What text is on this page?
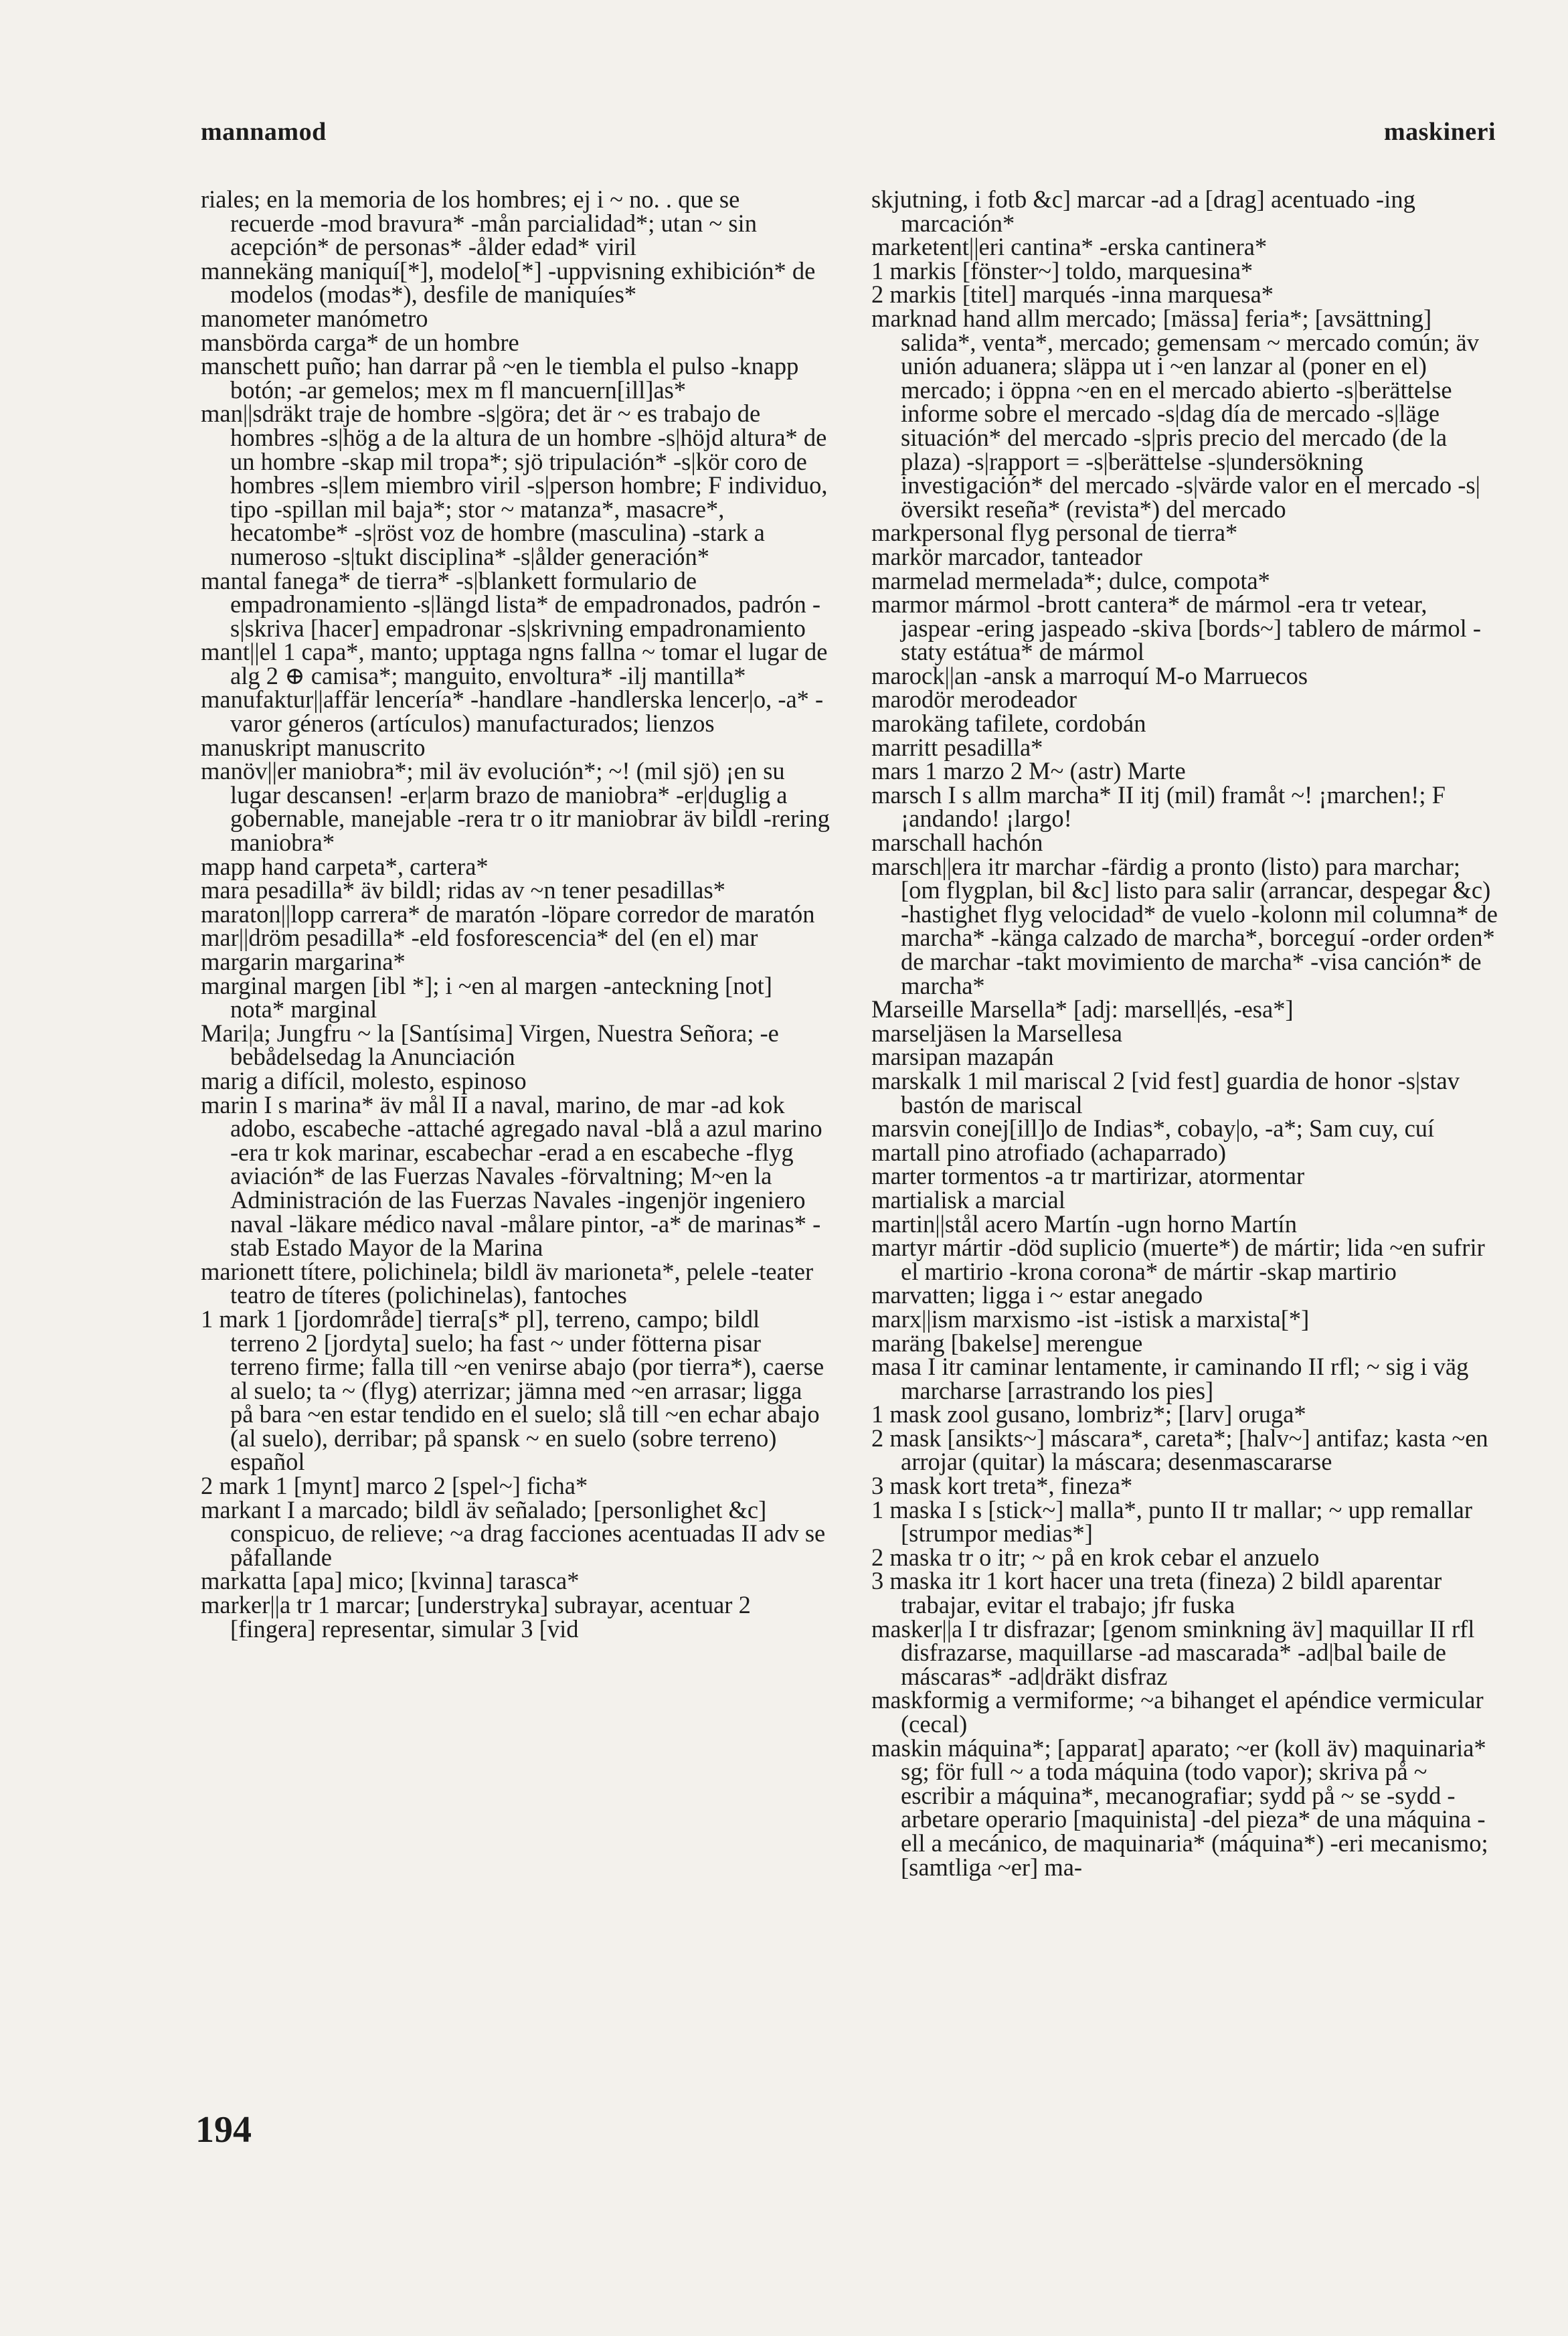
mannamod	maskineri

riales; en la memoria de los hombres; ej i ~ no. . que se recuerde -mod bravura* -mån parcialidad*; utan ~ sin acepción* de personas* -ålder edad* viril

mannekäng maniquí[*], modelo[*] -uppvisning exhibición* de modelos (modas*), desfile de maniquíes*

manometer manómetro

mansbörda carga* de un hombre

manschett puño; han darrar på ~en le tiembla el pulso -knapp botón; -ar gemelos; mex m fl mancuern[ill]as*

man||sdräkt traje de hombre -s|göra; det är ~ es trabajo de hombres -s|hög a de la altura de un hombre -s|höjd altura* de un hombre -skap mil tropa*; sjö tripulación* -s|kör coro de hombres -s|lem miembro viril -s|person hombre; F individuo, tipo -spillan mil baja*; stor ~ matanza*, masacre*, hecatombe* -s|röst voz de hombre (masculina) -stark a numeroso -s|tukt disciplina* -s|ålder generación*

mantal fanega* de tierra* -s|blankett formulario de empadronamiento -s|längd lista* de empadronados, padrón -s|skriva [hacer] empadronar -s|skrivning empadronamiento

mant||el 1 capa*, manto; upptaga ngns fallna ~ tomar el lugar de alg 2 ⊕ camisa*; manguito, envoltura* -ilj mantilla*

manufaktur||affär lencería* -handlare -handlerska lencer|o, -a* -varor géneros (artículos) manufacturados; lienzos

manuskript manuscrito

manöv||er maniobra*; mil äv evolución*; ~! (mil sjö) ¡en su lugar descansen! -er|arm brazo de maniobra* -er|duglig a gobernable, manejable -rera tr o itr maniobrar äv bildl -rering maniobra*

mapp hand carpeta*, cartera*

mara pesadilla* äv bildl; ridas av ~n tener pesadillas*

maraton||lopp carrera* de maratón -löpare corredor de maratón

mar||dröm pesadilla* -eld fosforescencia* del (en el) mar

margarin margarina*

marginal margen [ibl *]; i ~en al margen -anteckning [not] nota* marginal

Mari|a; Jungfru ~ la [Santísima] Virgen, Nuestra Señora; -e bebådelsedag la Anunciación

marig a difícil, molesto, espinoso

marin I s marina* äv mål II a naval, marino, de mar -ad kok adobo, escabeche -attaché agregado naval -blå a azul marino -era tr kok marinar, escabechar -erad a en escabeche -flyg aviación* de las Fuerzas Navales -förvaltning; M~en la Administración de las Fuerzas Navales -ingenjör ingeniero naval -läkare médico naval -målare pintor, -a* de marinas* -stab Estado Mayor de la Marina

marionett títere, polichinela; bildl äv marioneta*, pelele -teater teatro de títeres (polichinelas), fantoches

1 mark 1 [jordområde] tierra[s* pl], terreno, campo; bildl terreno 2 [jordyta] suelo; ha fast ~ under fötterna pisar terreno firme; falla till ~en venirse abajo (por tierra*), caerse al suelo; ta ~ (flyg) aterrizar; jämna med ~en arrasar; ligga på bara ~en estar tendido en el suelo; slå till ~en echar abajo (al suelo), derribar; på spansk ~ en suelo (sobre terreno) español

2 mark 1 [mynt] marco 2 [spel~] ficha*

markant I a marcado; bildl äv señalado; [personlighet &c] conspicuo, de relieve; ~a drag facciones acentuadas II adv se påfallande

markatta [apa] mico; [kvinna] tarasca*

marker||a tr 1 marcar; [understryka] subrayar, acentuar 2 [fingera] representar, simular 3 [vid

skjutning, i fotb &c] marcar -ad a [drag] acentuado -ing marcación*

marketent||eri cantina* -erska cantinera*

1 markis [fönster~] toldo, marquesina*

2 markis [titel] marqués -inna marquesa*

marknad hand allm mercado; [mässa] feria*; [avsättning] salida*, venta*, mercado; gemensam ~ mercado común; äv unión aduanera; släppa ut i ~en lanzar al (poner en el) mercado; i öppna ~en en el mercado abierto -s|berättelse informe sobre el mercado -s|dag día de mercado -s|läge situación* del mercado -s|pris precio del mercado (de la plaza) -s|rapport = -s|berättelse -s|undersökning investigación* del mercado -s|värde valor en el mercado -s|översikt reseña* (revista*) del mercado

markpersonal flyg personal de tierra*

markör marcador, tanteador

marmelad mermelada*; dulce, compota*

marmor mármol -brott cantera* de mármol -era tr vetear, jaspear -ering jaspeado -skiva [bords~] tablero de mármol -staty estátua* de mármol

marock||an -ansk a marroquí M-o Marruecos

marodör merodeador

marokäng tafilete, cordobán

marritt pesadilla*

mars 1 marzo 2 M~ (astr) Marte

marsch I s allm marcha* II itj (mil) framåt ~! ¡marchen!; F ¡andando! ¡largo!

marschall hachón

marsch||era itr marchar -färdig a pronto (listo) para marchar; [om flygplan, bil &c] listo para salir (arrancar, despegar &c) -hastighet flyg velocidad* de vuelo -kolonn mil columna* de marcha* -känga calzado de marcha*, borceguí -order orden* de marchar -takt movimiento de marcha* -visa canción* de marcha*

Marseille Marsella* [adj: marsell|és, -esa*]

marseljäsen la Marsellesa

marsipan mazapán

marskalk 1 mil mariscal 2 [vid fest] guardia de honor -s|stav bastón de mariscal

marsvin conej[ill]o de Indias*, cobay|o, -a*; Sam cuy, cuí

martall pino atrofiado (achaparrado)

marter tormentos -a tr martirizar, atormentar

martialisk a marcial

martin||stål acero Martín -ugn horno Martín

martyr mártir -död suplicio (muerte*) de mártir; lida ~en sufrir el martirio -krona corona* de mártir -skap martirio

marvatten; ligga i ~ estar anegado

marx||ism marxismo -ist -istisk a marxista[*]

maräng [bakelse] merengue

masa I itr caminar lentamente, ir caminando II rfl; ~ sig i väg marcharse [arrastrando los pies]

1 mask zool gusano, lombriz*; [larv] oruga*

2 mask [ansikts~] máscara*, careta*; [halv~] antifaz; kasta ~en arrojar (quitar) la máscara; desenmascararse

3 mask kort treta*, fineza*

1 maska I s [stick~] malla*, punto II tr mallar; ~ upp remallar [strumpor medias*]

2 maska tr o itr; ~ på en krok cebar el anzuelo

3 maska itr 1 kort hacer una treta (fineza) 2 bildl aparentar trabajar, evitar el trabajo; jfr fuska

masker||a I tr disfrazar; [genom sminkning äv] maquillar II rfl disfrazarse, maquillarse -ad mascarada* -ad|bal baile de máscaras* -ad|dräkt disfraz

maskformig a vermiforme; ~a bihanget el apéndice vermicular (cecal)

maskin máquina*; [apparat] aparato; ~er (koll äv) maquinaria* sg; för full ~ a toda máquina (todo vapor); skriva på ~ escribir a máquina*, mecanografiar; sydd på ~ se -sydd -arbetare operario [maquinista] -del pieza* de una máquina -ell a mecánico, de maquinaria* (máquina*) -eri mecanismo; [samtliga ~er] ma-

194
